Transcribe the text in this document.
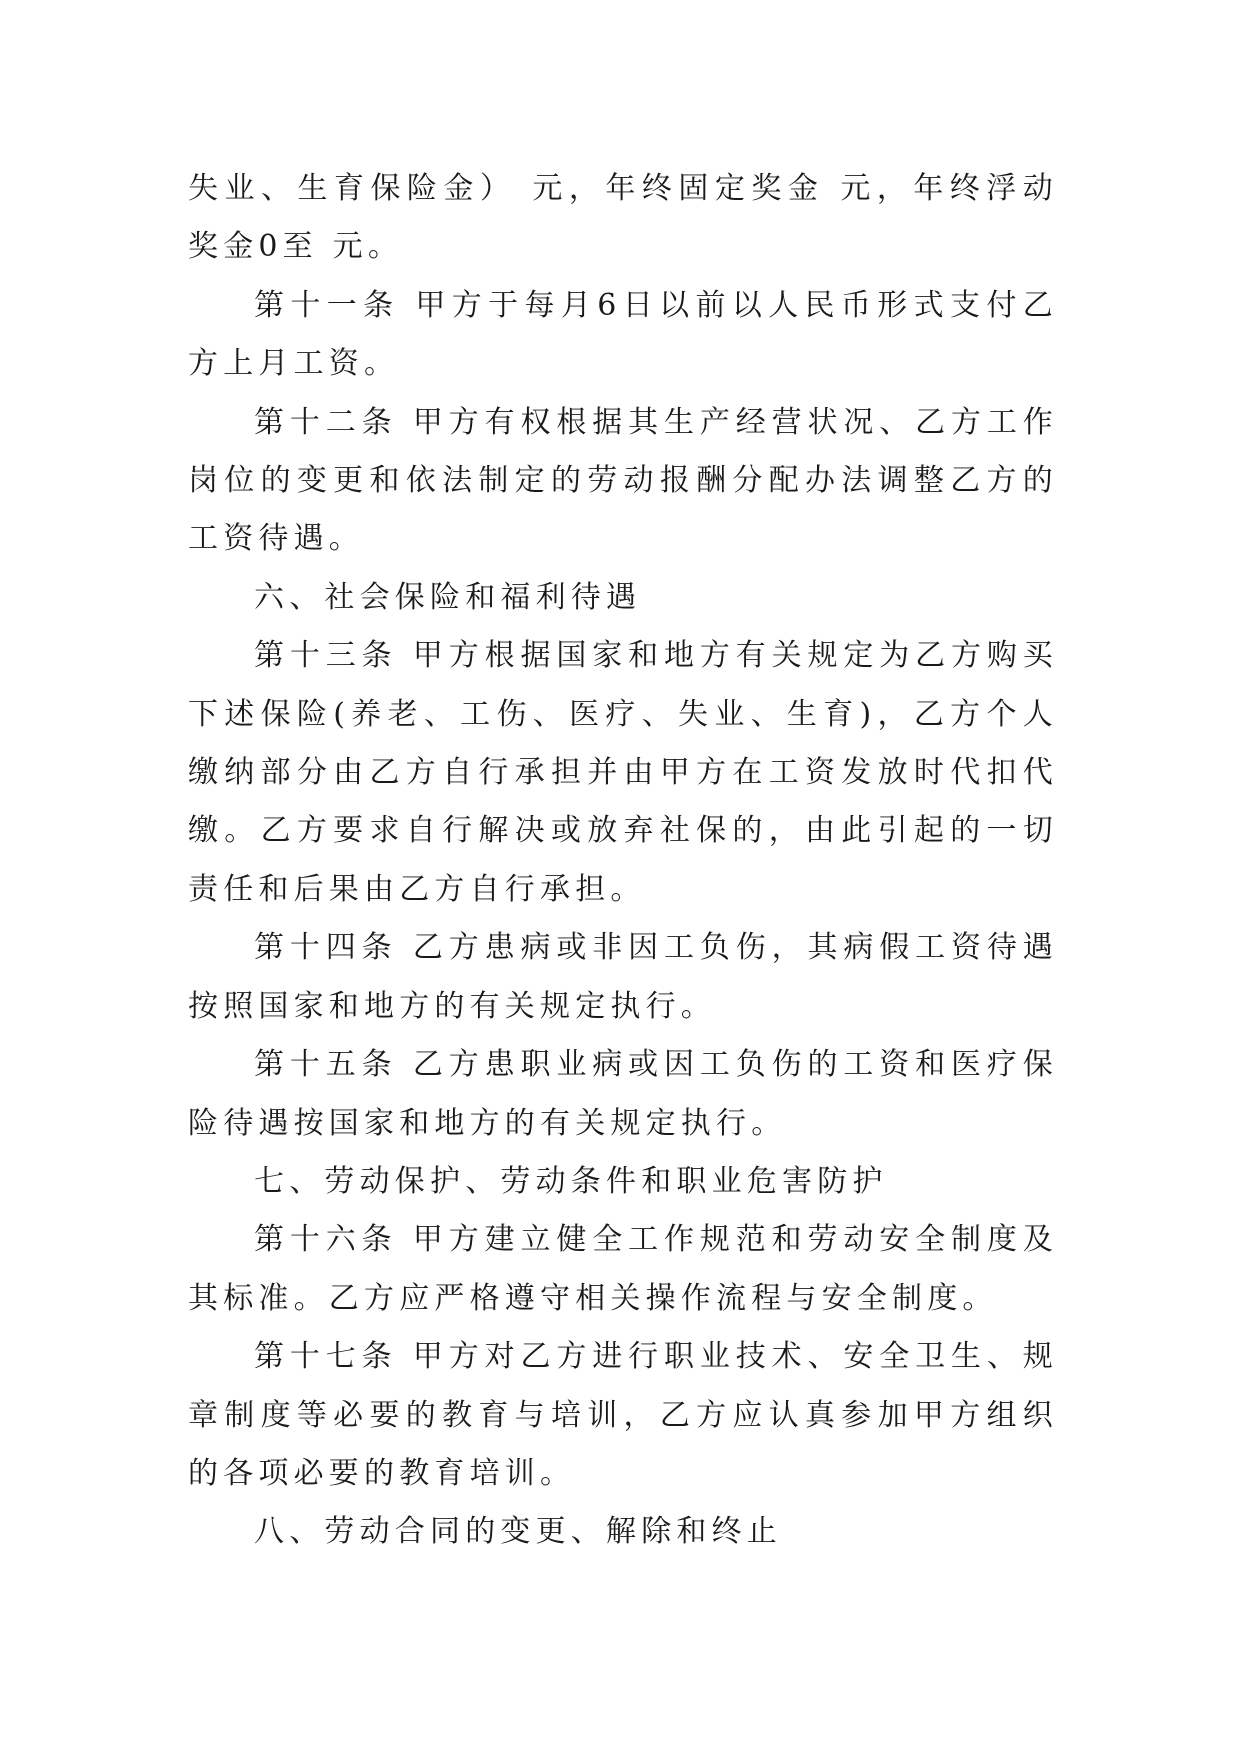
失业、生育保险金） 元，年终固定奖金 元，年终浮动奖金0至 元。

第十一条 甲方于每月6日以前以人民币形式支付乙方上月工资。

第十二条 甲方有权根据其生产经营状况、乙方工作岗位的变更和依法制定的劳动报酬分配办法调整乙方的工资待遇。

六、社会保险和福利待遇

第十三条 甲方根据国家和地方有关规定为乙方购买下述保险(养老、工伤、医疗、失业、生育)，乙方个人缴纳部分由乙方自行承担并由甲方在工资发放时代扣代缴。乙方要求自行解决或放弃社保的，由此引起的一切责任和后果由乙方自行承担。

第十四条 乙方患病或非因工负伤，其病假工资待遇按照国家和地方的有关规定执行。

第十五条 乙方患职业病或因工负伤的工资和医疗保险待遇按国家和地方的有关规定执行。

七、劳动保护、劳动条件和职业危害防护

第十六条 甲方建立健全工作规范和劳动安全制度及其标准。乙方应严格遵守相关操作流程与安全制度。

第十七条 甲方对乙方进行职业技术、安全卫生、规章制度等必要的教育与培训，乙方应认真参加甲方组织的各项必要的教育培训。

八、劳动合同的变更、解除和终止
